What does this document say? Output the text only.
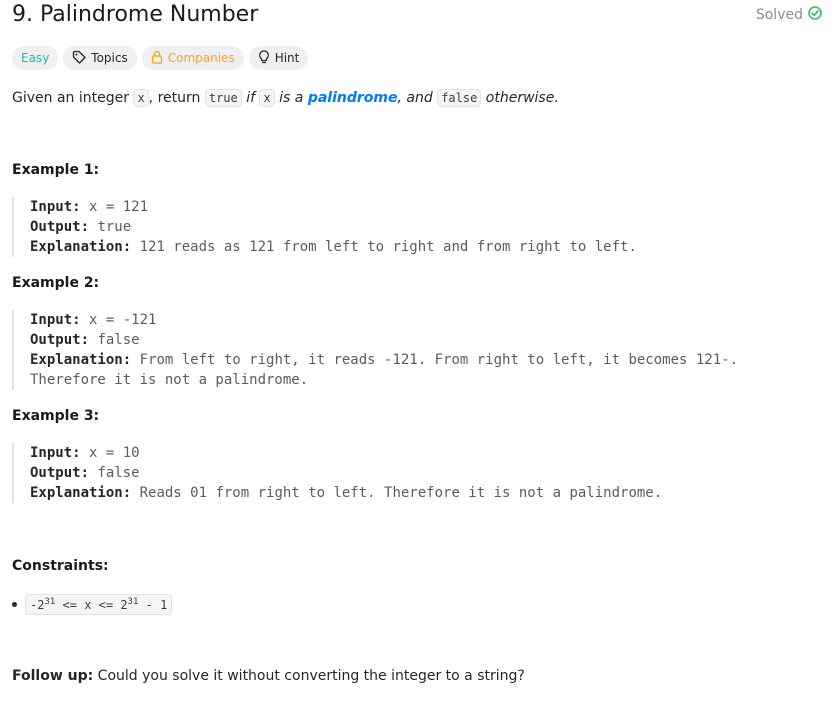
9. Palindrome Number	Solved
Easy	Topics	Companies	Hint
Given an integer x , return true if x is a palindrome, and false otherwise.
Example 1:
Input: x = 121
Output: true
Explanation: 121 reads as 121 from left to right and from right to left.
Example 2:
Input: x = -121
Output: false
Explanation: From left to right, it reads -121. From right to left, it becomes 121-. Therefore it is not a palindrome.
Example 3:
Input: x = 10
Output: false
Explanation: Reads 01 from right to left. Therefore it is not a palindrome.
Constraints:
$-2^{31} <= x <= 2^{31} - 1$
Follow up: Could you solve it without converting the integer to a string?
